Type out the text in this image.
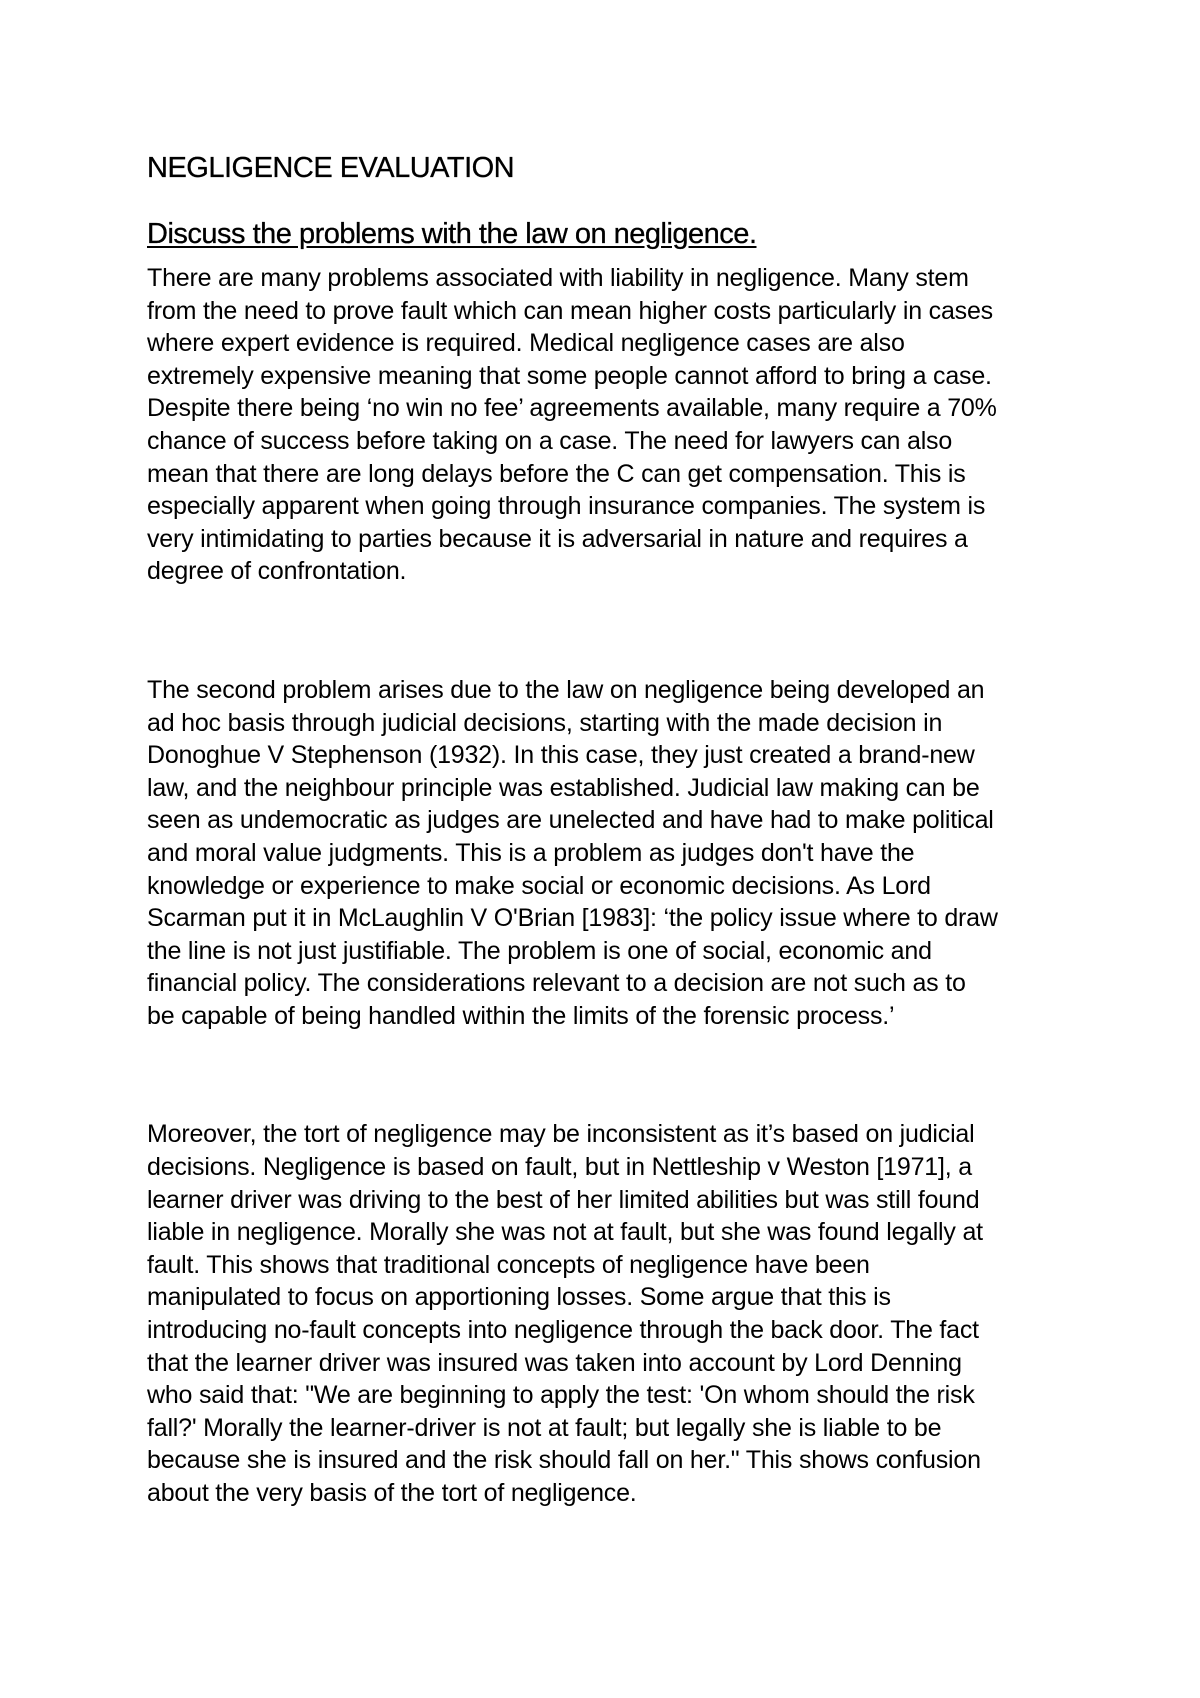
NEGLIGENCE EVALUATION
Discuss the problems with the law on negligence.

There are many problems associated with liability in negligence. Many stem
from the need to prove fault which can mean higher costs particularly in cases
where expert evidence is required. Medical negligence cases are also
extremely expensive meaning that some people cannot afford to bring a case.
Despite there being ‘no win no fee’ agreements available, many require a 70%
chance of success before taking on a case. The need for lawyers can also
mean that there are long delays before the C can get compensation. This is
especially apparent when going through insurance companies. The system is
very intimidating to parties because it is adversarial in nature and requires a
degree of confrontation.

The second problem arises due to the law on negligence being developed an
ad hoc basis through judicial decisions, starting with the made decision in
Donoghue V Stephenson (1932). In this case, they just created a brand-new
law, and the neighbour principle was established. Judicial law making can be
seen as undemocratic as judges are unelected and have had to make political
and moral value judgments. This is a problem as judges don't have the
knowledge or experience to make social or economic decisions. As Lord
Scarman put it in McLaughlin V O'Brian [1983]: ‘the policy issue where to draw
the line is not just justifiable. The problem is one of social, economic and
financial policy. The considerations relevant to a decision are not such as to
be capable of being handled within the limits of the forensic process.’

Moreover, the tort of negligence may be inconsistent as it’s based on judicial
decisions. Negligence is based on fault, but in Nettleship v Weston [1971], a
learner driver was driving to the best of her limited abilities but was still found
liable in negligence. Morally she was not at fault, but she was found legally at
fault. This shows that traditional concepts of negligence have been
manipulated to focus on apportioning losses. Some argue that this is
introducing no-fault concepts into negligence through the back door. The fact
that the learner driver was insured was taken into account by Lord Denning
who said that: "We are beginning to apply the test: 'On whom should the risk
fall?' Morally the learner-driver is not at fault; but legally she is liable to be
because she is insured and the risk should fall on her." This shows confusion
about the very basis of the tort of negligence.
